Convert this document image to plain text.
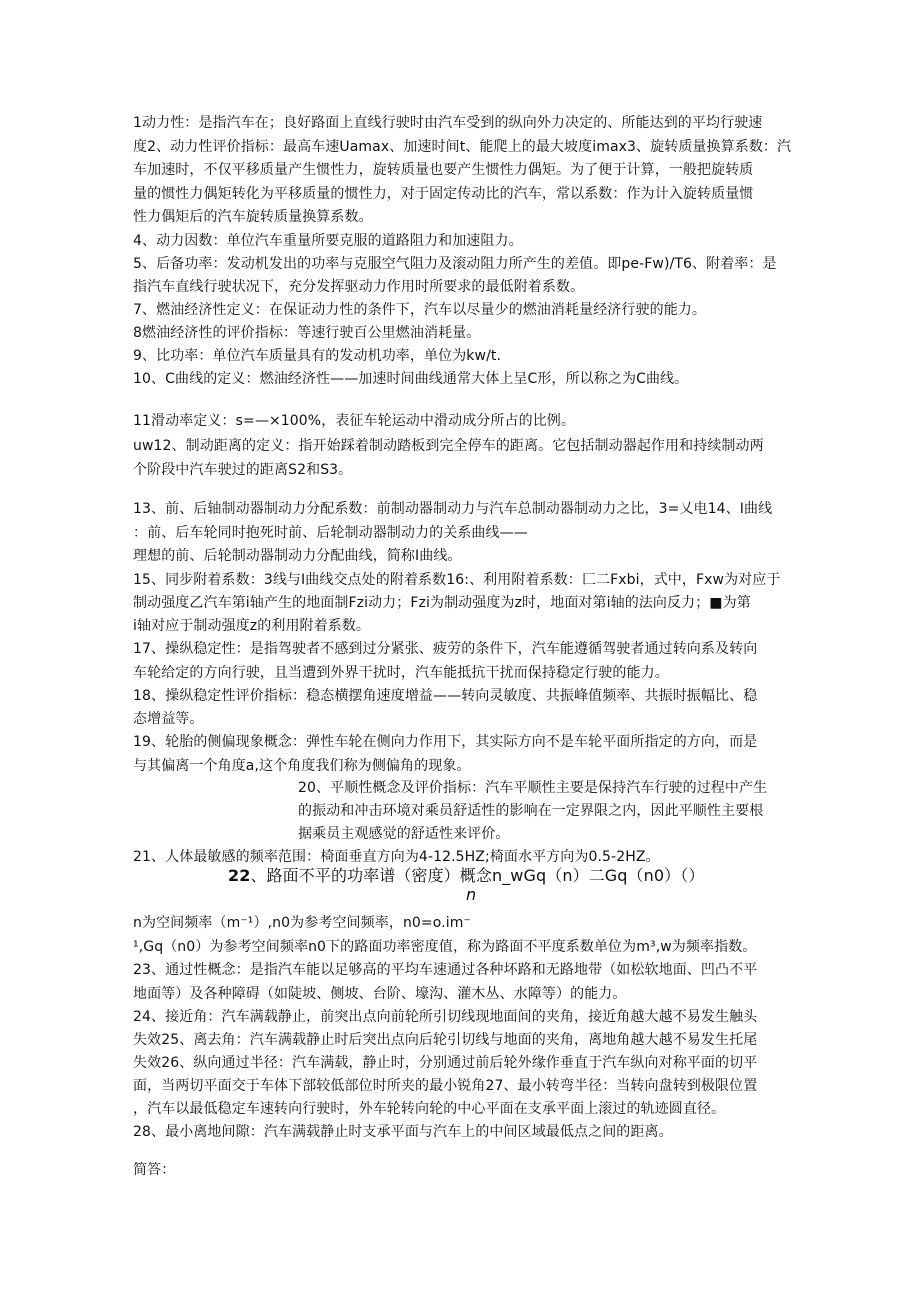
1动力性：是指汽车在；良好路面上直线行驶时由汽车受到的纵向外力决定的、所能达到的平均行驶速
度2、动力性评价指标：最高车速Uamax、加速时间t、能爬上的最大坡度imax3、旋转质量换算系数：汽
车加速时，不仅平移质量产生惯性力，旋转质量也要产生惯性力偶矩。为了便于计算，一般把旋转质
量的惯性力偶矩转化为平移质量的惯性力，对于固定传动比的汽车，常以系数：作为计入旋转质量惯
性力偶矩后的汽车旋转质量换算系数。
4、动力因数：单位汽车重量所要克服的道路阻力和加速阻力。
5、后备功率：发动机发出的功率与克服空气阻力及滚动阻力所产生的差值。即pe-Fw)/T6、附着率：是
指汽车直线行驶状况下，充分发挥驱动力作用时所要求的最低附着系数。
7、燃油经济性定义：在保证动力性的条件下，汽车以尽量少的燃油消耗量经济行驶的能力。
8燃油经济性的评价指标：等速行驶百公里燃油消耗量。
9、比功率：单位汽车质量具有的发动机功率，单位为kw/t.
10、C曲线的定义：燃油经济性——加速时间曲线通常大体上呈C形，所以称之为C曲线。
11滑动率定义：s=—×100%，表征车轮运动中滑动成分所占的比例。
uw12、制动距离的定义：指开始踩着制动踏板到完全停车的距离。它包括制动器起作用和持续制动两
个阶段中汽车驶过的距离S2和S3。
13、前、后轴制动器制动力分配系数：前制动器制动力与汽车总制动器制动力之比，3=乂电14、I曲线
：前、后车轮同时抱死时前、后轮制动器制动力的关系曲线——
理想的前、后轮制动器制动力分配曲线，简称I曲线。
15、同步附着系数：3线与I曲线交点处的附着系数16:、利用附着系数：匚二Fxbi，式中，Fxw为对应于
制动强度乙汽车第i轴产生的地面制Fzi动力；Fzi为制动强度为z时，地面对第i轴的法向反力；■为第
i轴对应于制动强度z的利用附着系数。
17、操纵稳定性：是指驾驶者不感到过分紧张、疲劳的条件下，汽车能遵循驾驶者通过转向系及转向
车轮给定的方向行驶，且当遭到外界干扰时，汽车能抵抗干扰而保持稳定行驶的能力。
18、操纵稳定性评价指标：稳态横摆角速度增益——转向灵敏度、共振峰值频率、共振时振幅比、稳
态增益等。
19、轮胎的侧偏现象概念：弹性车轮在侧向力作用下，其实际方向不是车轮平面所指定的方向，而是
与其偏离一个角度a,这个角度我们称为侧偏角的现象。
20、平顺性概念及评价指标：汽车平顺性主要是保持汽车行驶的过程中产生
的振动和冲击环境对乘员舒适性的影响在一定界限之内，因此平顺性主要根
据乘员主观感觉的舒适性来评价。
21、人体最敏感的频率范围：椅面垂直方向为4-12.5HZ;椅面水平方向为0.5-2HZ。
22、路面不平的功率谱（密度）概念n_wGq（n）二Gq（n0）（）
n
n为空间频率（m⁻¹）,n0为参考空间频率，n0=o.im⁻
¹,Gq（n0）为参考空间频率n0下的路面功率密度值，称为路面不平度系数单位为m³,w为频率指数。
23、通过性概念：是指汽车能以足够高的平均车速通过各种坏路和无路地带（如松软地面、凹凸不平
地面等）及各种障碍（如陡坡、侧坡、台阶、壕沟、灌木丛、水障等）的能力。
24、接近角：汽车满载静止，前突出点向前轮所引切线现地面间的夹角，接近角越大越不易发生触头
失效25、离去角：汽车满载静止时后突出点向后轮引切线与地面的夹角，离地角越大越不易发生托尾
失效26、纵向通过半径：汽车满载，静止时，分别通过前后轮外缘作垂直于汽车纵向对称平面的切平
面，当两切平面交于车体下部较低部位时所夹的最小锐角27、最小转弯半径：当转向盘转到极限位置
，汽车以最低稳定车速转向行驶时，外车轮转向轮的中心平面在支承平面上滚过的轨迹圆直径。
28、最小离地间隙：汽车满载静止时支承平面与汽车上的中间区域最低点之间的距离。
简答：
